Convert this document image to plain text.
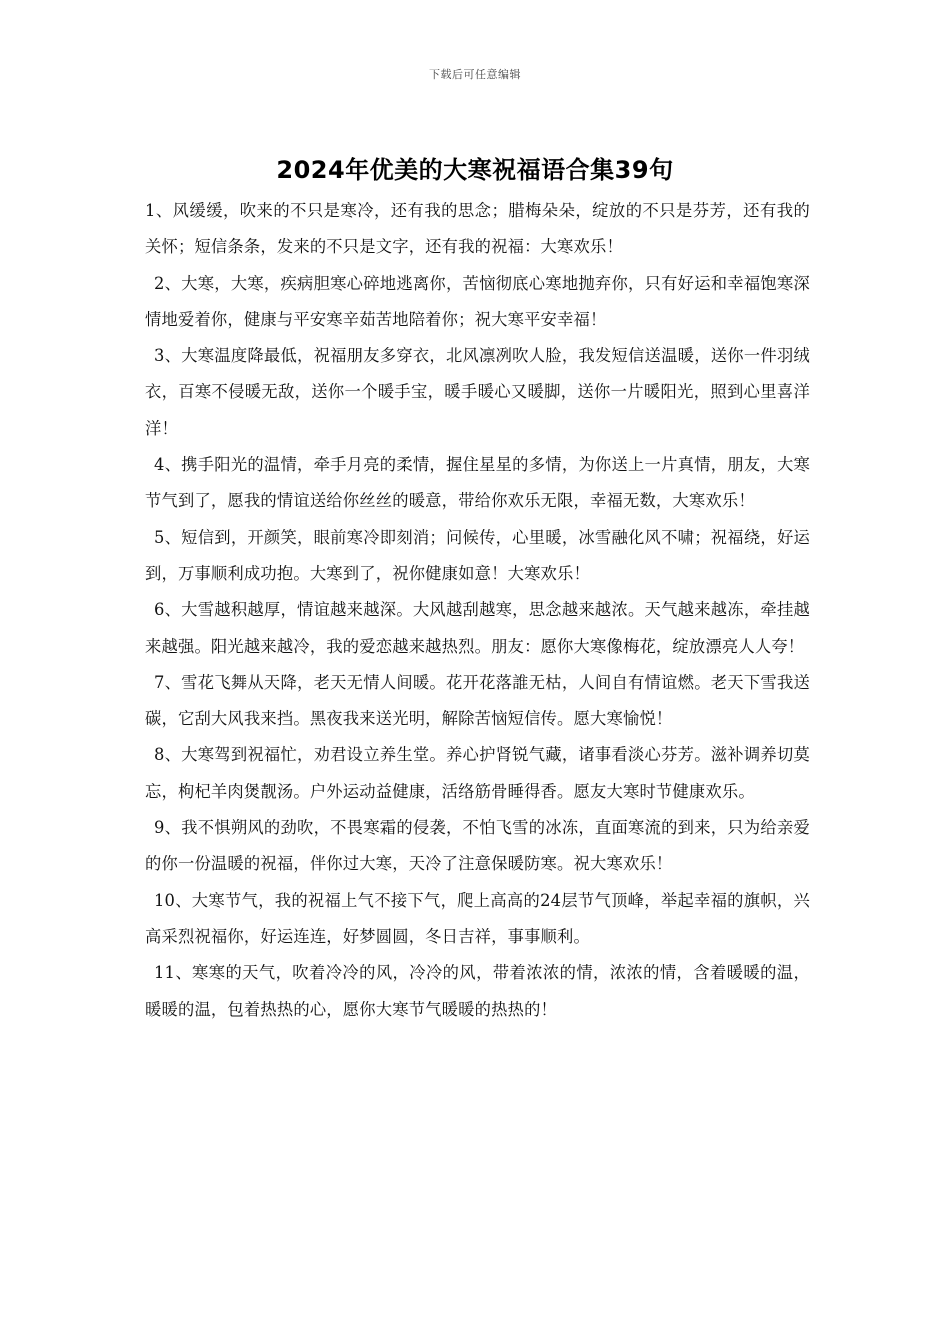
下载后可任意编辑
2024年优美的大寒祝福语合集39句

1、风缓缓，吹来的不只是寒冷，还有我的思念；腊梅朵朵，绽放的不只是芬芳，还有我的关怀；短信条条，发来的不只是文字，还有我的祝福：大寒欢乐！

2、大寒，大寒，疾病胆寒心碎地逃离你，苦恼彻底心寒地抛弃你，只有好运和幸福饱寒深情地爱着你，健康与平安寒辛茹苦地陪着你；祝大寒平安幸福！

3、大寒温度降最低，祝福朋友多穿衣，北风凛冽吹人脸，我发短信送温暖，送你一件羽绒衣，百寒不侵暖无敌，送你一个暖手宝，暖手暖心又暖脚，送你一片暖阳光，照到心里喜洋洋！

4、携手阳光的温情，牵手月亮的柔情，握住星星的多情，为你送上一片真情，朋友，大寒节气到了，愿我的情谊送给你丝丝的暖意，带给你欢乐无限，幸福无数，大寒欢乐！

5、短信到，开颜笑，眼前寒冷即刻消；问候传，心里暖，冰雪融化风不啸；祝福绕，好运到，万事顺利成功抱。大寒到了，祝你健康如意！大寒欢乐！

6、大雪越积越厚，情谊越来越深。大风越刮越寒，思念越来越浓。天气越来越冻，牵挂越来越强。阳光越来越冷，我的爱恋越来越热烈。朋友：愿你大寒像梅花，绽放漂亮人人夸！

7、雪花飞舞从天降，老天无情人间暖。花开花落誰无枯，人间自有情谊燃。老天下雪我送碳，它刮大风我来挡。黑夜我来送光明，解除苦恼短信传。愿大寒愉悦！

8、大寒驾到祝福忙，劝君设立养生堂。养心护肾锐气藏，诸事看淡心芬芳。滋补调养切莫忘，枸杞羊肉煲靓汤。户外运动益健康，活络筋骨睡得香。愿友大寒时节健康欢乐。

9、我不惧朔风的劲吹，不畏寒霜的侵袭，不怕飞雪的冰冻，直面寒流的到来，只为给亲爱的你一份温暖的祝福，伴你过大寒，天冷了注意保暖防寒。祝大寒欢乐！

10、大寒节气，我的祝福上气不接下气，爬上高高的24层节气顶峰，举起幸福的旗帜，兴高采烈祝福你，好运连连，好梦圆圆，冬日吉祥，事事顺利。

11、寒寒的天气，吹着冷冷的风，冷冷的风，带着浓浓的情，浓浓的情，含着暖暖的温，暖暖的温，包着热热的心，愿你大寒节气暖暖的热热的！
